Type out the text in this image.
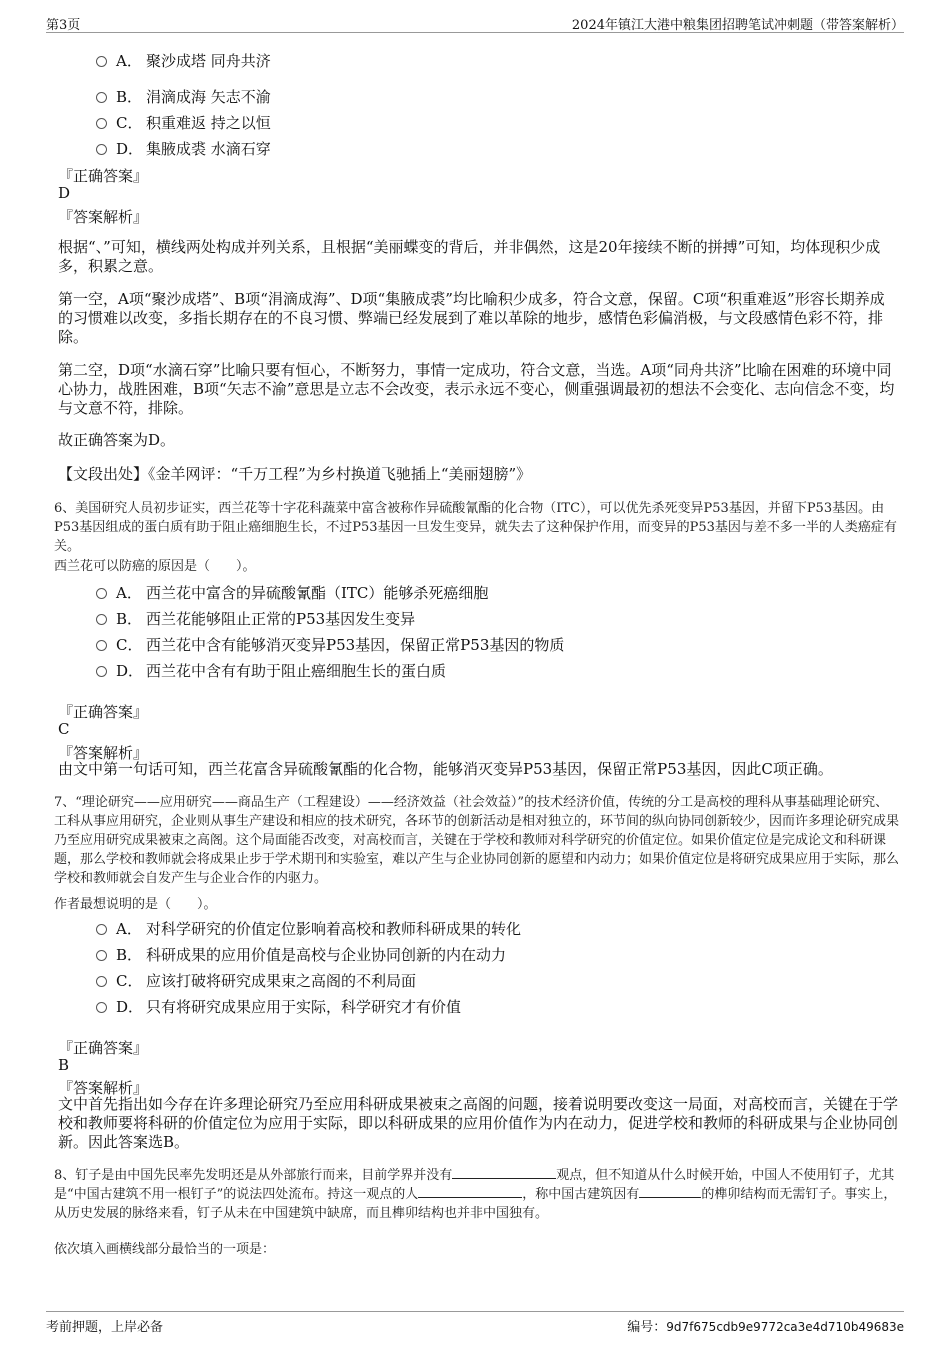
第3页	2024年镇江大港中粮集团招聘笔试冲刺题（带答案解析）
A． 聚沙成塔 同舟共济
B． 涓滴成海 矢志不渝
C． 积重难返 持之以恒
D． 集腋成裘 水滴石穿
『正确答案』
D
『答案解析』
根据“、”可知，横线两处构成并列关系，且根据“美丽蝶变的背后，并非偶然，这是20年接续不断的拼搏”可知，均体现积少成多，积累之意。
第一空，A项“聚沙成塔”、B项“涓滴成海”、D项“集腋成裘”均比喻积少成多，符合文意，保留。C项“积重难返”形容长期养成的习惯难以改变，多指长期存在的不良习惯、弊端已经发展到了难以革除的地步，感情色彩偏消极，与文段感情色彩不符，排除。
第二空，D项“水滴石穿”比喻只要有恒心，不断努力，事情一定成功，符合文意，当选。A项“同舟共济”比喻在困难的环境中同心协力，战胜困难，B项“矢志不渝”意思是立志不会改变，表示永远不变心，侧重强调最初的想法不会变化、志向信念不变，均与文意不符，排除。
故正确答案为D。
【文段出处】《金羊网评：“千万工程”为乡村换道飞驰插上“美丽翅膀”》
6、美国研究人员初步证实，西兰花等十字花科蔬菜中富含被称作异硫酸氰酯的化合物（ITC），可以优先杀死变异P53基因，并留下P53基因。由P53基因组成的蛋白质有助于阻止癌细胞生长，不过P53基因一旦发生变异，就失去了这种保护作用，而变异的P53基因与差不多一半的人类癌症有关。
西兰花可以防癌的原因是（　　）。
A． 西兰花中富含的异硫酸氰酯（ITC）能够杀死癌细胞
B． 西兰花能够阻止正常的P53基因发生变异
C． 西兰花中含有能够消灭变异P53基因，保留正常P53基因的物质
D． 西兰花中含有有助于阻止癌细胞生长的蛋白质
『正确答案』
C
『答案解析』
由文中第一句话可知，西兰花富含异硫酸氰酯的化合物，能够消灭变异P53基因，保留正常P53基因，因此C项正确。
7、“理论研究——应用研究——商品生产（工程建设）——经济效益（社会效益）”的技术经济价值，传统的分工是高校的理科从事基础理论研究、工科从事应用研究，企业则从事生产建设和相应的技术研究，各环节的创新活动是相对独立的，环节间的纵向协同创新较少，因而许多理论研究成果乃至应用研究成果被束之高阁。这个局面能否改变，对高校而言，关键在于学校和教师对科学研究的价值定位。如果价值定位是完成论文和科研课题，那么学校和教师就会将成果止步于学术期刊和实验室，难以产生与企业协同创新的愿望和内动力；如果价值定位是将研究成果应用于实际，那么学校和教师就会自发产生与企业合作的内驱力。
作者最想说明的是（　　）。
A． 对科学研究的价值定位影响着高校和教师科研成果的转化
B． 科研成果的应用价值是高校与企业协同创新的内在动力
C． 应该打破将研究成果束之高阁的不利局面
D． 只有将研究成果应用于实际，科学研究才有价值
『正确答案』
B
『答案解析』
文中首先指出如今存在许多理论研究乃至应用科研成果被束之高阁的问题，接着说明要改变这一局面，对高校而言，关键在于学校和教师要将科研的价值定位为应用于实际，即以科研成果的应用价值作为内在动力，促进学校和教师的科研成果与企业协同创新。因此答案选B。
8、钉子是由中国先民率先发明还是从外部旅行而来，目前学界并没有	观点，但不知道从什么时候开始，中国人不使用钉子，尤其是“中国古建筑不用一根钉子”的说法四处流布。持这一观点的人	，称中国古建筑因有	的榫卯结构而无需钉子。事实上，从历史发展的脉络来看，钉子从未在中国建筑中缺席，而且榫卯结构也并非中国独有。
依次填入画横线部分最恰当的一项是：
考前押题，上岸必备	编号：9d7f675cdb9e9772ca3e4d710b49683e
